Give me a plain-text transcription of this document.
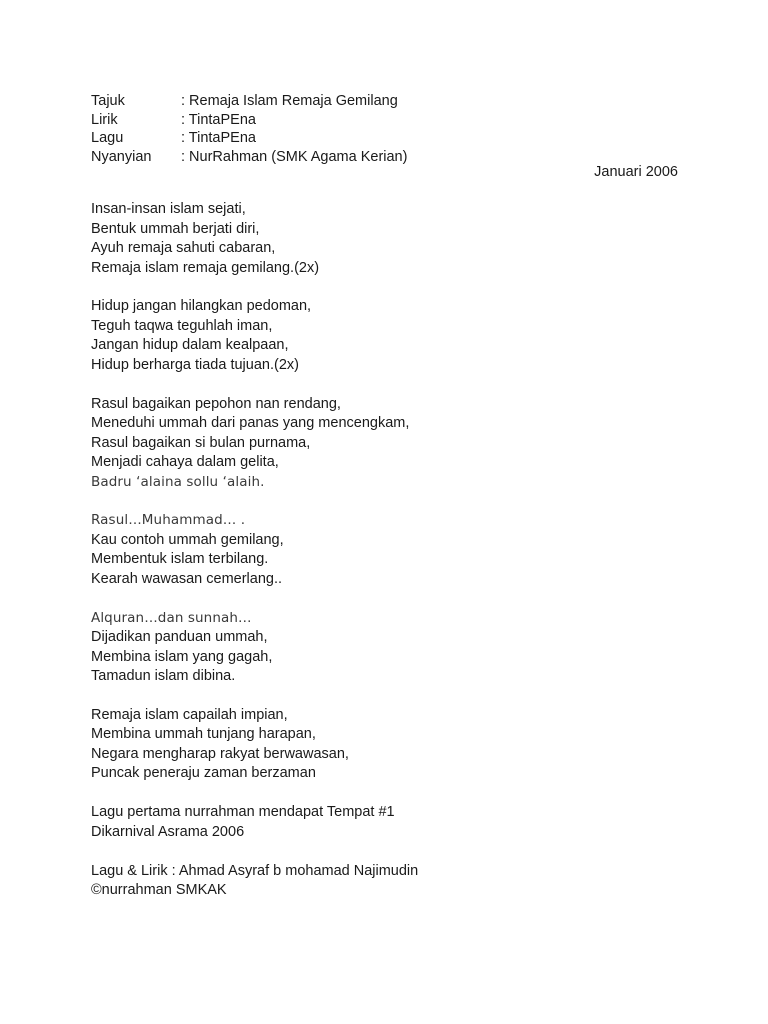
Tajuk	: Remaja Islam Remaja Gemilang
Lirik	: TintaPEna
Lagu	: TintaPEna
Nyanyian : NurRahman (SMK Agama Kerian)
Januari 2006
Insan-insan islam sejati,
Bentuk ummah berjati diri,
Ayuh remaja sahuti cabaran,
Remaja islam remaja gemilang.(2x)
Hidup jangan hilangkan pedoman,
Teguh taqwa teguhlah iman,
Jangan hidup dalam kealpaan,
Hidup berharga tiada tujuan.(2x)
Rasul bagaikan pepohon nan rendang,
Meneduhi ummah dari panas yang mencengkam,
Rasul bagaikan si bulan purnama,
Menjadi cahaya dalam gelita,
Badru ‘alaina sollu ‘alaih.
Rasul…Muhammad… .
Kau contoh ummah gemilang,
Membentuk islam terbilang.
Kearah wawasan cemerlang..
Alquran…dan sunnah…
Dijadikan panduan ummah,
Membina islam yang gagah,
Tamadun islam dibina.
Remaja islam capailah impian,
Membina ummah tunjang harapan,
Negara mengharap rakyat berwawasan,
Puncak peneraju zaman berzaman
Lagu pertama nurrahman mendapat Tempat #1
Dikarnival Asrama 2006
Lagu & Lirik : Ahmad Asyraf b mohamad Najimudin
©nurrahman SMKAK
